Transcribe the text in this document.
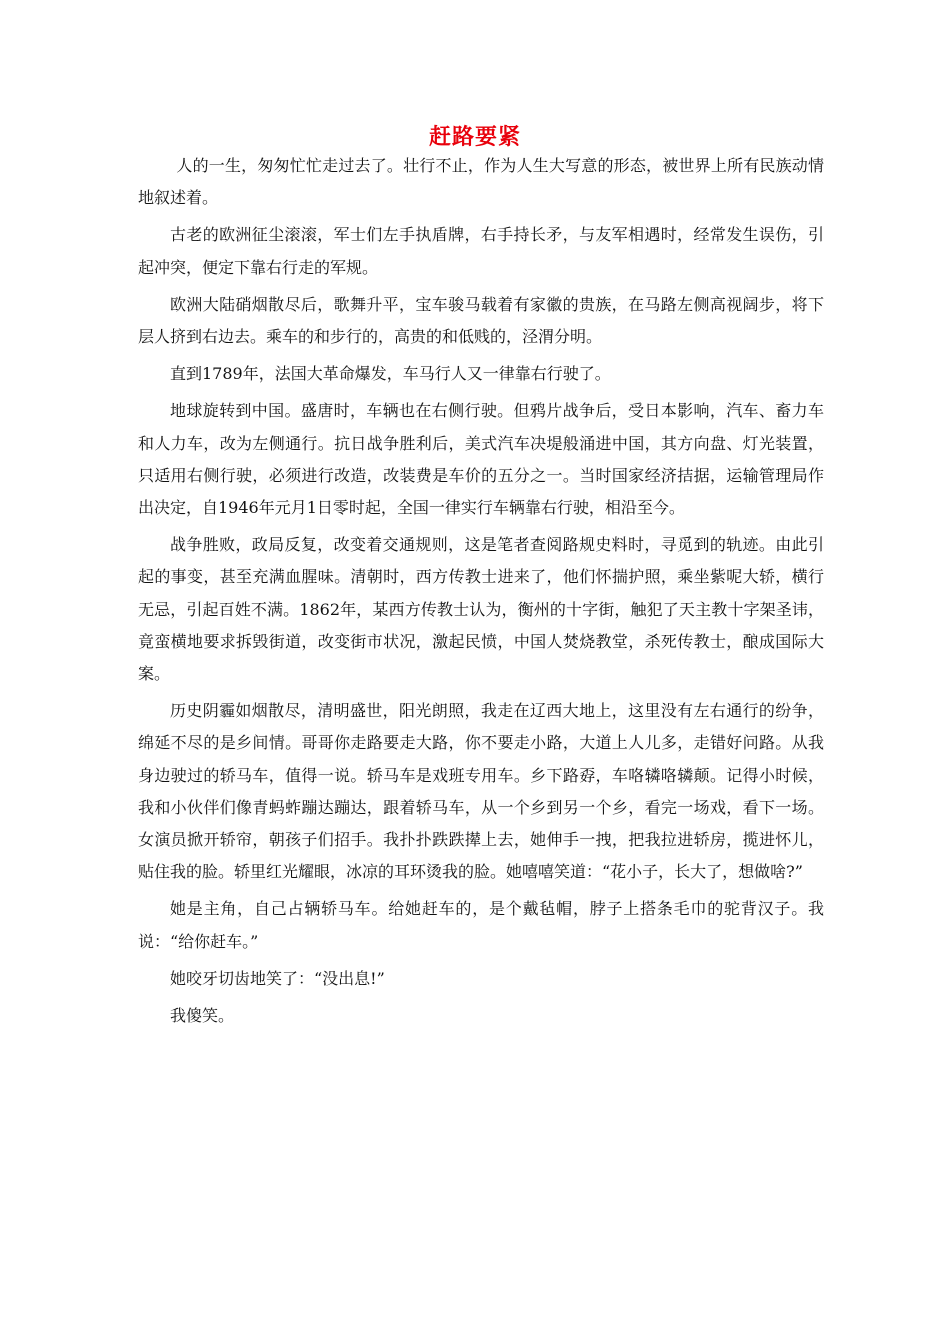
赶路要紧

人的一生，匆匆忙忙走过去了。壮行不止，作为人生大写意的形态，被世界上所有民族动情地叙述着。

古老的欧洲征尘滚滚，军士们左手执盾牌，右手持长矛，与友军相遇时，经常发生误伤，引起冲突，便定下靠右行走的军规。

欧洲大陆硝烟散尽后，歌舞升平，宝车骏马载着有家徽的贵族，在马路左侧高视阔步，将下层人挤到右边去。乘车的和步行的，高贵的和低贱的，泾渭分明。

直到1789年，法国大革命爆发，车马行人又一律靠右行驶了。

地球旋转到中国。盛唐时，车辆也在右侧行驶。但鸦片战争后，受日本影响，汽车、畜力车和人力车，改为左侧通行。抗日战争胜利后，美式汽车决堤般涌进中国，其方向盘、灯光装置，只适用右侧行驶，必须进行改造，改装费是车价的五分之一。当时国家经济拮据，运输管理局作出决定，自1946年元月1日零时起，全国一律实行车辆靠右行驶，相沿至今。

战争胜败，政局反复，改变着交通规则，这是笔者查阅路规史料时，寻觅到的轨迹。由此引起的事变，甚至充满血腥味。清朝时，西方传教士进来了，他们怀揣护照，乘坐紫呢大轿，横行无忌，引起百姓不满。1862年，某西方传教士认为，衡州的十字街，触犯了天主教十字架圣讳，竟蛮横地要求拆毁街道，改变街市状况，激起民愤，中国人焚烧教堂，杀死传教士，酿成国际大案。

历史阴霾如烟散尽，清明盛世，阳光朗照，我走在辽西大地上，这里没有左右通行的纷争，绵延不尽的是乡间情。哥哥你走路要走大路，你不要走小路，大道上人儿多，走错好问路。从我身边驶过的轿马车，值得一说。轿马车是戏班专用车。乡下路孬，车咯辚咯辚颠。记得小时候，我和小伙伴们像青蚂蚱蹦达蹦达，跟着轿马车，从一个乡到另一个乡，看完一场戏，看下一场。女演员掀开轿帘，朝孩子们招手。我扑扑跌跌撵上去，她伸手一拽，把我拉进轿房，揽进怀儿，贴住我的脸。轿里红光耀眼，冰凉的耳环烫我的脸。她嘻嘻笑道：“花小子，长大了，想做啥?”

她是主角，自己占辆轿马车。给她赶车的，是个戴毡帽，脖子上搭条毛巾的驼背汉子。我说：“给你赶车。”

她咬牙切齿地笑了：“没出息!”

我傻笑。
